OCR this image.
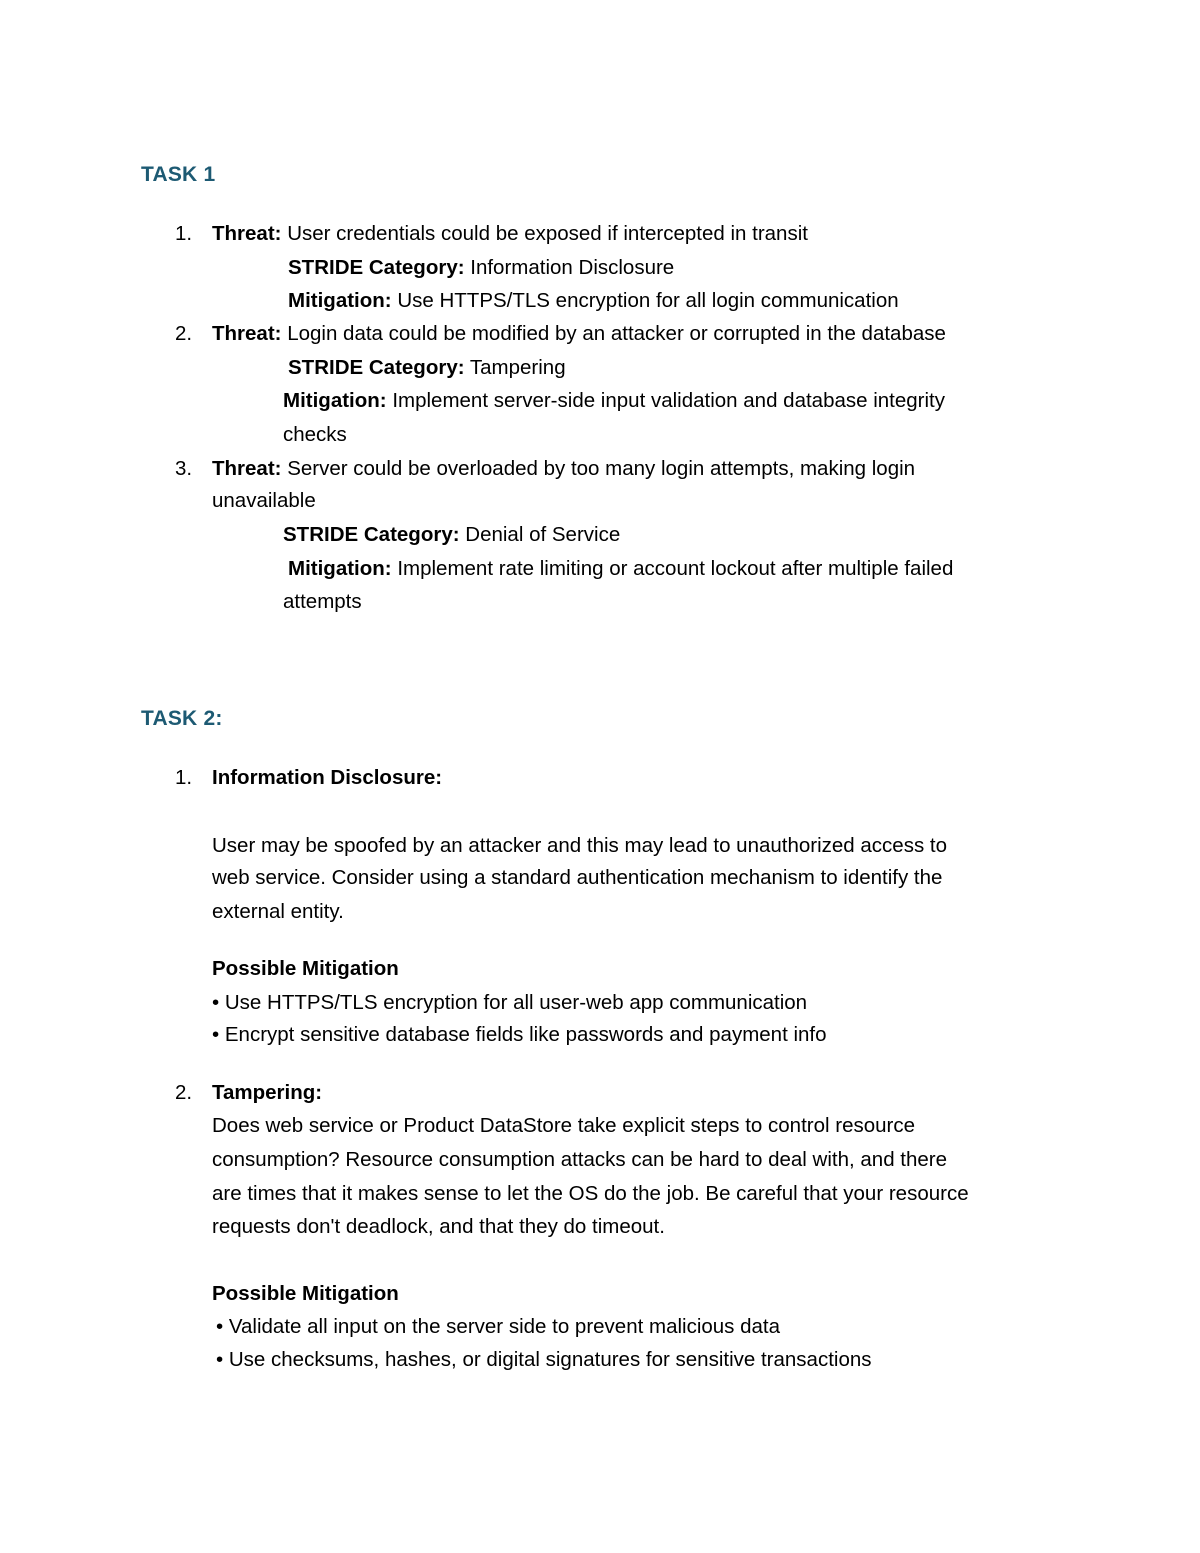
TASK 1
1. Threat: User credentials could be exposed if intercepted in transit
STRIDE Category: Information Disclosure
Mitigation: Use HTTPS/TLS encryption for all login communication
2. Threat: Login data could be modified by an attacker or corrupted in the database
STRIDE Category: Tampering
Mitigation: Implement server-side input validation and database integrity
checks
3. Threat: Server could be overloaded by too many login attempts, making login
unavailable
STRIDE Category: Denial of Service
Mitigation: Implement rate limiting or account lockout after multiple failed
attempts
TASK 2:
1. Information Disclosure:
User may be spoofed by an attacker and this may lead to unauthorized access to
web service. Consider using a standard authentication mechanism to identify the
external entity.
Possible Mitigation
• Use HTTPS/TLS encryption for all user-web app communication
• Encrypt sensitive database fields like passwords and payment info
2. Tampering:
Does web service or Product DataStore take explicit steps to control resource
consumption? Resource consumption attacks can be hard to deal with, and there
are times that it makes sense to let the OS do the job. Be careful that your resource
requests don't deadlock, and that they do timeout.
Possible Mitigation
• Validate all input on the server side to prevent malicious data
• Use checksums, hashes, or digital signatures for sensitive transactions
